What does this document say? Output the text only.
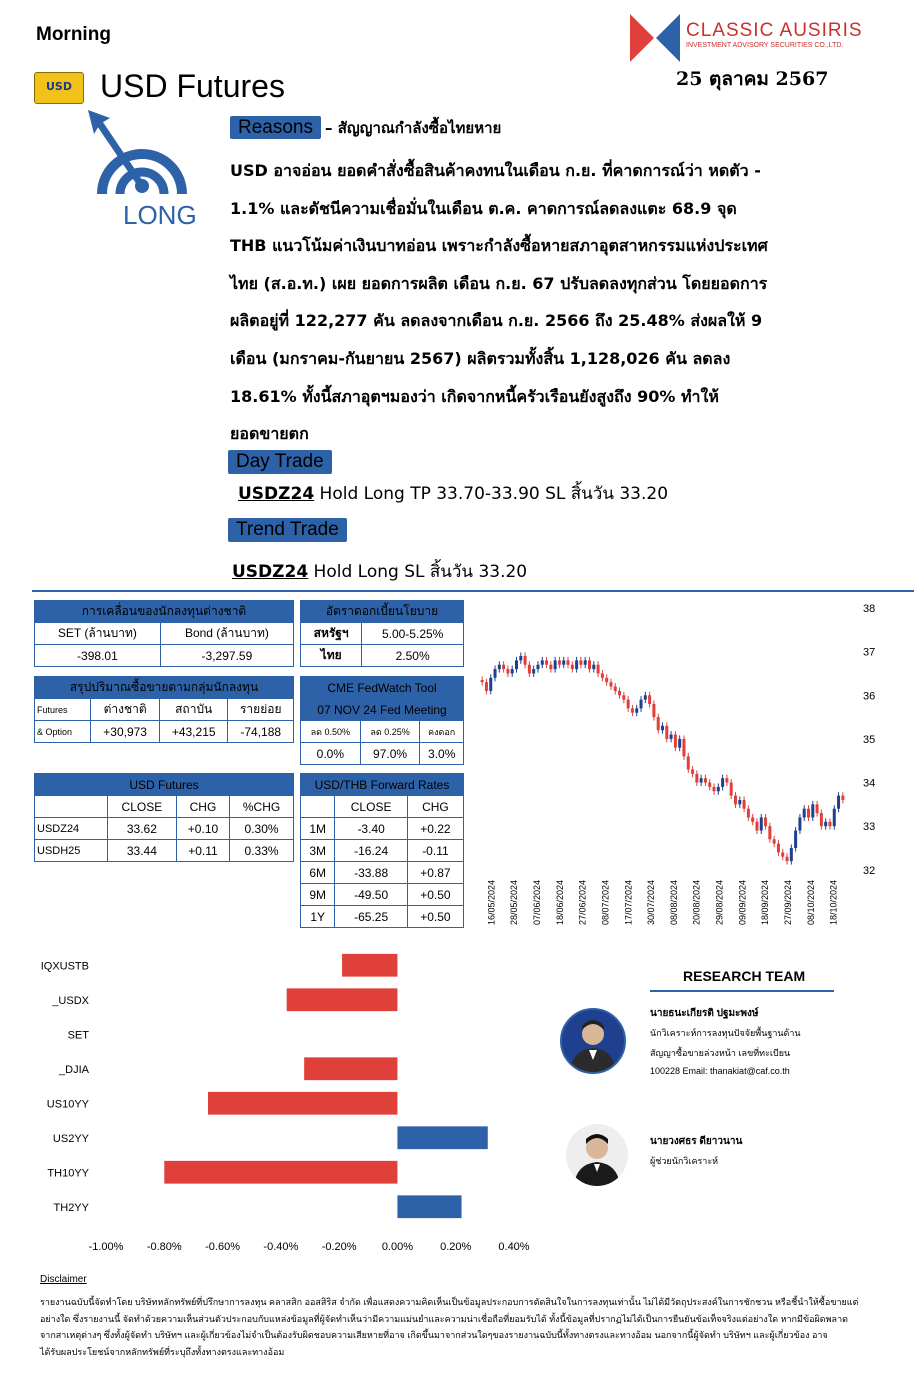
Morning	CLASSIC AUSIRIS
INVESTMENT ADVISORY SECURITIES CO.,LTD.
25 ตุลาคม 2567
USD USD Futures
LONG
Reasons – สัญญาณกำลังซื้อไทยหาย
USD อาจอ่อน ยอดคำสั่งซื้อสินค้าคงทนในเดือน ก.ย. ที่คาดการณ์ว่า หดตัว -
1.1% และดัชนีความเชื่อมั่นในเดือน ต.ค. คาดการณ์ลดลงแตะ 68.9 จุด
THB แนวโน้มค่าเงินบาทอ่อน เพราะกำลังซื้อหายสภาอุตสาหกรรมแห่งประเทศ
ไทย (ส.อ.ท.) เผย ยอดการผลิต เดือน ก.ย. 67 ปรับลดลงทุกส่วน โดยยอดการ
ผลิตอยู่ที่ 122,277 คัน ลดลงจากเดือน ก.ย. 2566 ถึง 25.48% ส่งผลให้ 9
เดือน (มกราคม-กันยายน 2567) ผลิตรวมทั้งสิ้น 1,128,026 คัน ลดลง
18.61% ทั้งนี้สภาอุตฯมองว่า เกิดจากหนี้ครัวเรือนยังสูงถึง 90% ทำให้
ยอดขายตก
Day Trade
USDZ24 Hold Long TP 33.70-33.90 SL สิ้นวัน 33.20
Trend Trade
USDZ24 Hold Long SL สิ้นวัน 33.20
การเคลื่อนของนักลงทุนต่างชาติ	
SET (ล้านบาท)	Bond (ล้านบาท)
-398.01	-3,297.59
อัตราดอกเบี้ยนโยบาย	
สหรัฐฯ	5.00-5.25%
ไทย	2.50%
สรุปปริมาณซื้อขายตามกลุ่มนักลงทุน			
Futures	ต่างชาติ	สถาบัน	รายย่อย
& Option	+30,973	+43,215	-74,188
CME FedWatch Tool		
07 NOV 24 Fed Meeting		
ลด 0.50%	ลด 0.25%	คงดอก
0.0%	97.0%	3.0%
USD Futures			
	CLOSE	CHG	%CHG
USDZ24	33.62	+0.10	0.30%
USDH25	33.44	+0.11	0.33%
USD/THB Forward Rates		
	CLOSE	CHG
1M	-3.40	+0.22
3M	-16.24	-0.11
6M	-33.88	+0.87
9M	-49.50	+0.50
1Y	-65.25	+0.50
38
37
36
35
34
33
32
16/05/2024 28/05/2024 07/06/2024 18/06/2024 27/06/2024 08/07/2024 17/07/2024 30/07/2024 08/08/2024 20/08/2024 29/08/2024 09/09/2024 18/09/2024 27/09/2024 08/10/2024 18/10/2024
IQXUSTB
_USDX
SET
_DJIA
US10YY
US2YY
TH10YY
TH2YY
-1.00% -0.80% -0.60% -0.40% -0.20% 0.00% 0.20% 0.40%
RESEARCH TEAM
นายธนะเกียรติ ปฐมะพงษ์
นักวิเคราะห์การลงทุนปัจจัยพื้นฐานด้าน
สัญญาซื้อขายล่วงหน้า เลขที่ทะเบียน
100228 Email: thanakiat@caf.co.th
นายวงศธร ดียาวนาน
ผู้ช่วยนักวิเคราะห์
Disclaimer
รายงานฉบับนี้จัดทำโดย บริษัทหลักทรัพย์ที่ปรึกษาการลงทุน คลาสสิก ออสสิริส จำกัด เพื่อแสดงความคิดเห็นเป็นข้อมูลประกอบการตัดสินใจในการลงทุนเท่านั้น ไม่ได้มีวัตถุประสงค์ในการชักชวน หรือชี้นำให้ซื้อขายแต่
อย่างใด ซึ่งรายงานนี้ จัดทำด้วยความเห็นส่วนตัวประกอบกับแหล่งข้อมูลที่ผู้จัดทำเห็นว่ามีความแม่นยำและความน่าเชื่อถือที่ยอมรับได้ ทั้งนี้ข้อมูลที่ปรากฏไม่ได้เป็นการยืนยันข้อเท็จจริงแต่อย่างใด หากมีข้อผิดพลาด
จากสาเหตุต่างๆ ซึ่งทั้งผู้จัดทำ บริษัทฯ และผู้เกี่ยวข้องไม่จำเป็นต้องรับผิดชอบความเสียหายที่อาจ เกิดขึ้นมาจากส่วนใดๆของรายงานฉบับนี้ทั้งทางตรงและทางอ้อม นอกจากนี้ผู้จัดทำ บริษัทฯ และผู้เกี่ยวข้อง อาจ
ได้รับผลประโยชน์จากหลักทรัพย์ที่ระบุถึงทั้งทางตรงและทางอ้อม
